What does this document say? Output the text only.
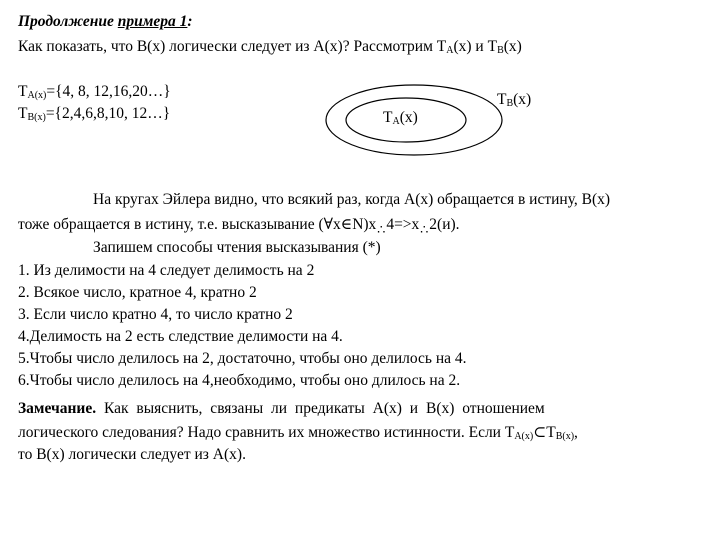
Продолжение примера 1:
Как показать, что B(x) логически следует из A(x)? Рассмотрим $T_A(x)$ и $T_B(x)$
$T_{A(x)}=\{4$, 8, 12,16,20…}
$T_{B(x)}=\{2,4,6,8,10$, 12…}	$T_A(x)$
$T_B(x)$
На кругах Эйлера видно, что всякий раз, когда А(х) обращается в истину, В(х)
тоже обращается в истину, т.е. высказывание (∀х∈N)х∴4=>х∴2(и).
Запишем способы чтения высказывания (*)
1. Из делимости на 4 следует делимость на 2
2. Всякое число, кратное 4, кратно 2
3. Если число кратно 4, то число кратно 2
4.Делимость на 2 есть следствие делимости на 4.
5.Чтобы число делилось на 2, достаточно, чтобы оно делилось на 4.
6.Чтобы число делилось на 4,необходимо, чтобы оно длилось на 2.
Замечание. Как выяснить, связаны ли предикаты А(х) и В(х) отношением
логического следования? Надо сравнить их множество истинности. Если $T_{A(x)}\subset T_{B(x)}$,
то В(х) логически следует из А(х).
